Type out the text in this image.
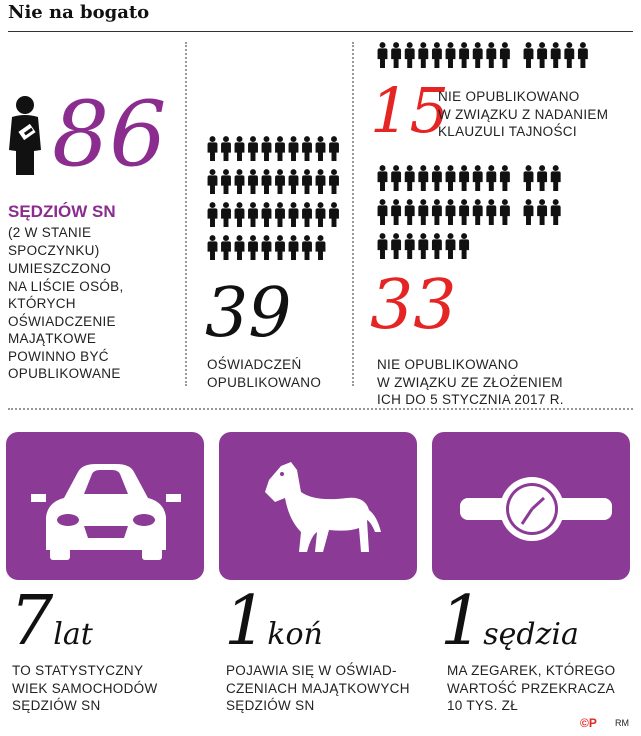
Nie na bogato
86
SĘDZIÓW SN
(2 W STANIE SPOCZYNKU)
UMIESZCZONO
NA LIŚCIE OSÓB,
KTÓRYCH
OŚWIADCZENIE
MAJĄTKOWE
POWINNO BYĆ
OPUBLIKOWANE
39
OŚWIADCZEŃ
OPUBLIKOWANO
15
NIE OPUBLIKOWANO
W ZWIĄZKU Z NADANIEM
KLAUZULI TAJNOŚCI
33
NIE OPUBLIKOWANO
W ZWIĄZKU ZE ZŁOŻENIEM
ICH DO 5 STYCZNIA 2017 R.
7lat
TO STATYSTYCZNY
WIEK SAMOCHODÓW
SĘDZIÓW SN
1koń
POJAWIA SIĘ W OŚWIAD-
CZENIACH MAJĄTKOWYCH
SĘDZIÓW SN
1sędzia
MA ZEGAREK, KTÓREGO
WARTOŚĆ PRZEKRACZA
10 TYS. ZŁ
©P RM
